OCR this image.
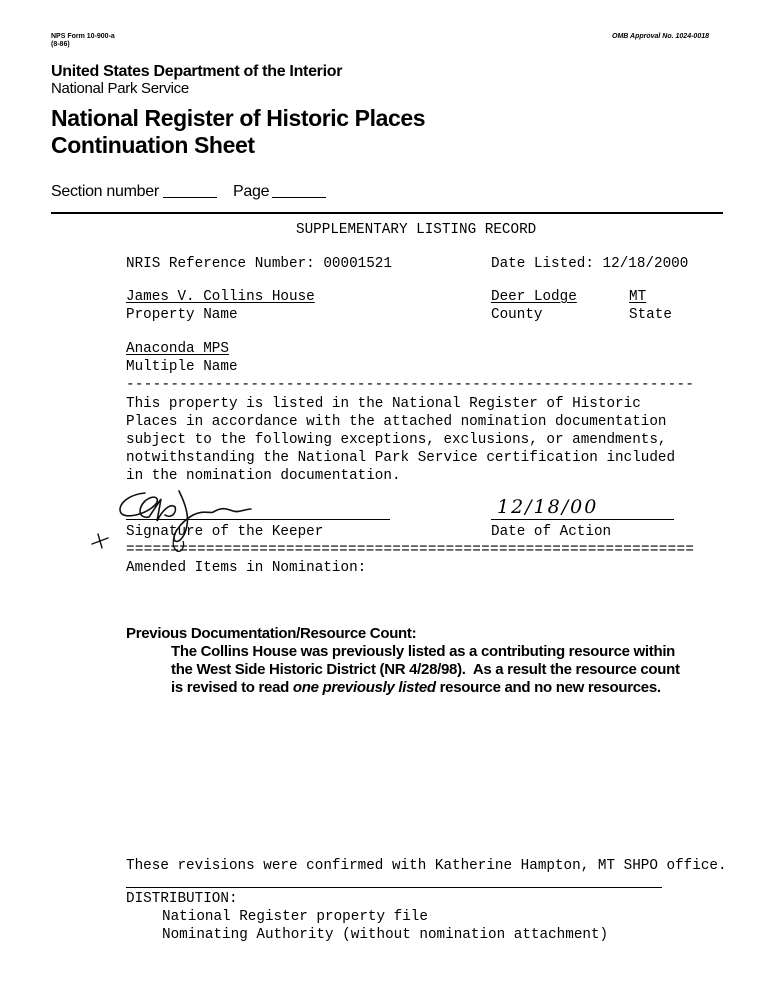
NPS Form 10-900-a
(8-86)
OMB Approval No. 1024-0018
United States Department of the Interior
National Park Service
National Register of Historic Places
Continuation Sheet
Section number	Page
SUPPLEMENTARY LISTING RECORD
NRIS Reference Number: 00001521	Date Listed: 12/18/2000
James V. Collins House	Deer Lodge	MT
Property Name	County	State
Anaconda MPS
Multiple Name
----------------------------------------------------------------
This property is listed in the National Register of Historic
Places in accordance with the attached nomination documentation
subject to the following exceptions, exclusions, or amendments,
notwithstanding the National Park Service certification included
in the nomination documentation.
Signature of the Keeper
12/18/00
Date of Action
================================================================
Amended Items in Nomination:
Previous Documentation/Resource Count:
The Collins House was previously listed as a contributing resource within
the West Side Historic District (NR 4/28/98).  As a result the resource count
is revised to read one previously listed resource and no new resources.
These revisions were confirmed with Katherine Hampton, MT SHPO office.
DISTRIBUTION:
National Register property file
Nominating Authority (without nomination attachment)
